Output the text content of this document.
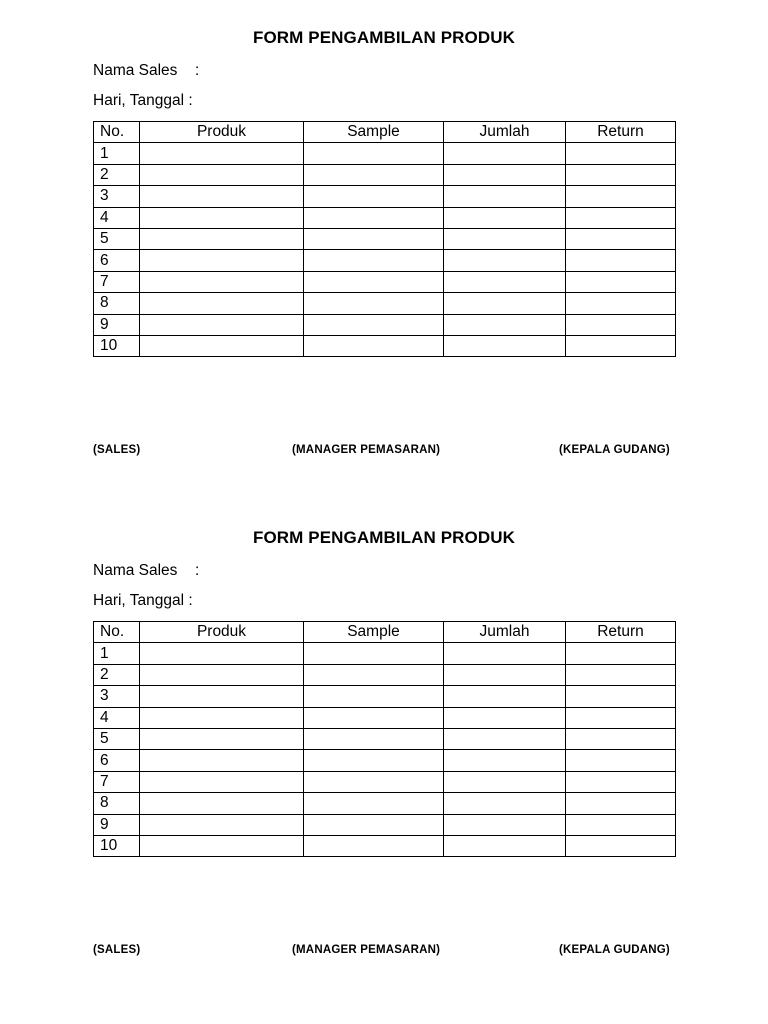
FORM PENGAMBILAN PRODUK
Nama Sales :
Hari, Tanggal :
No.	Produk	Sample	Jumlah	Return
1				
2				
3				
4				
5				
6				
7				
8				
9				
10				
(SALES)	(MANAGER PEMASARAN)	(KEPALA GUDANG)
FORM PENGAMBILAN PRODUK
Nama Sales :
Hari, Tanggal :
No.	Produk	Sample	Jumlah	Return
1				
2				
3				
4				
5				
6				
7				
8				
9				
10				
(SALES)	(MANAGER PEMASARAN)	(KEPALA GUDANG)
